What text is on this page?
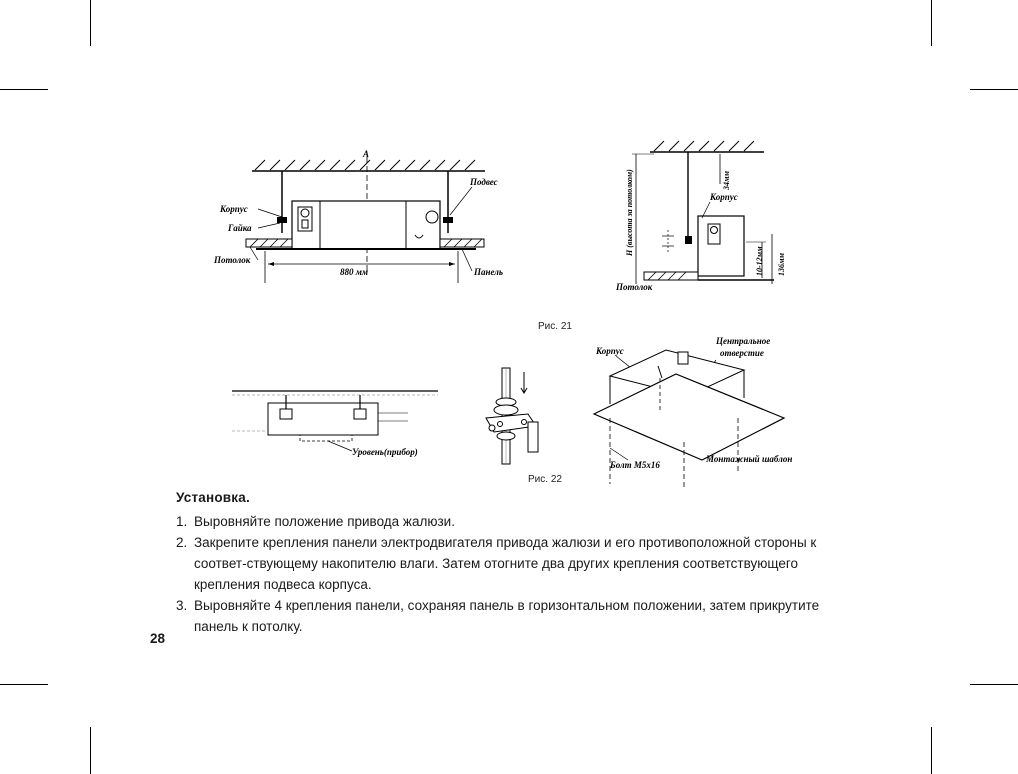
A
880 мм
Корпус
Гайка
Потолок
Подвес
Панель
H (высота за потолком)	34мм
Корпус
10-12мм 136мм
Потолок
Рис. 21
Уровень(прибор)
Рис. 22
Корпус
Центральное
отверстие
Болт М5х16
Монтажный шаблон
Установка.
1. Выровняйте положение привода жалюзи.
2. Закрепите крепления панели электродвигателя привода жалюзи и его противоположной стороны к соответ-ствующему накопителю влаги. Затем отогните два других крепления соответствующего крепления подвеса корпуса.
3. Выровняйте 4 крепления панели, сохраняя панель в горизонтальном положении, затем прикрутите панель к потолку.
28
